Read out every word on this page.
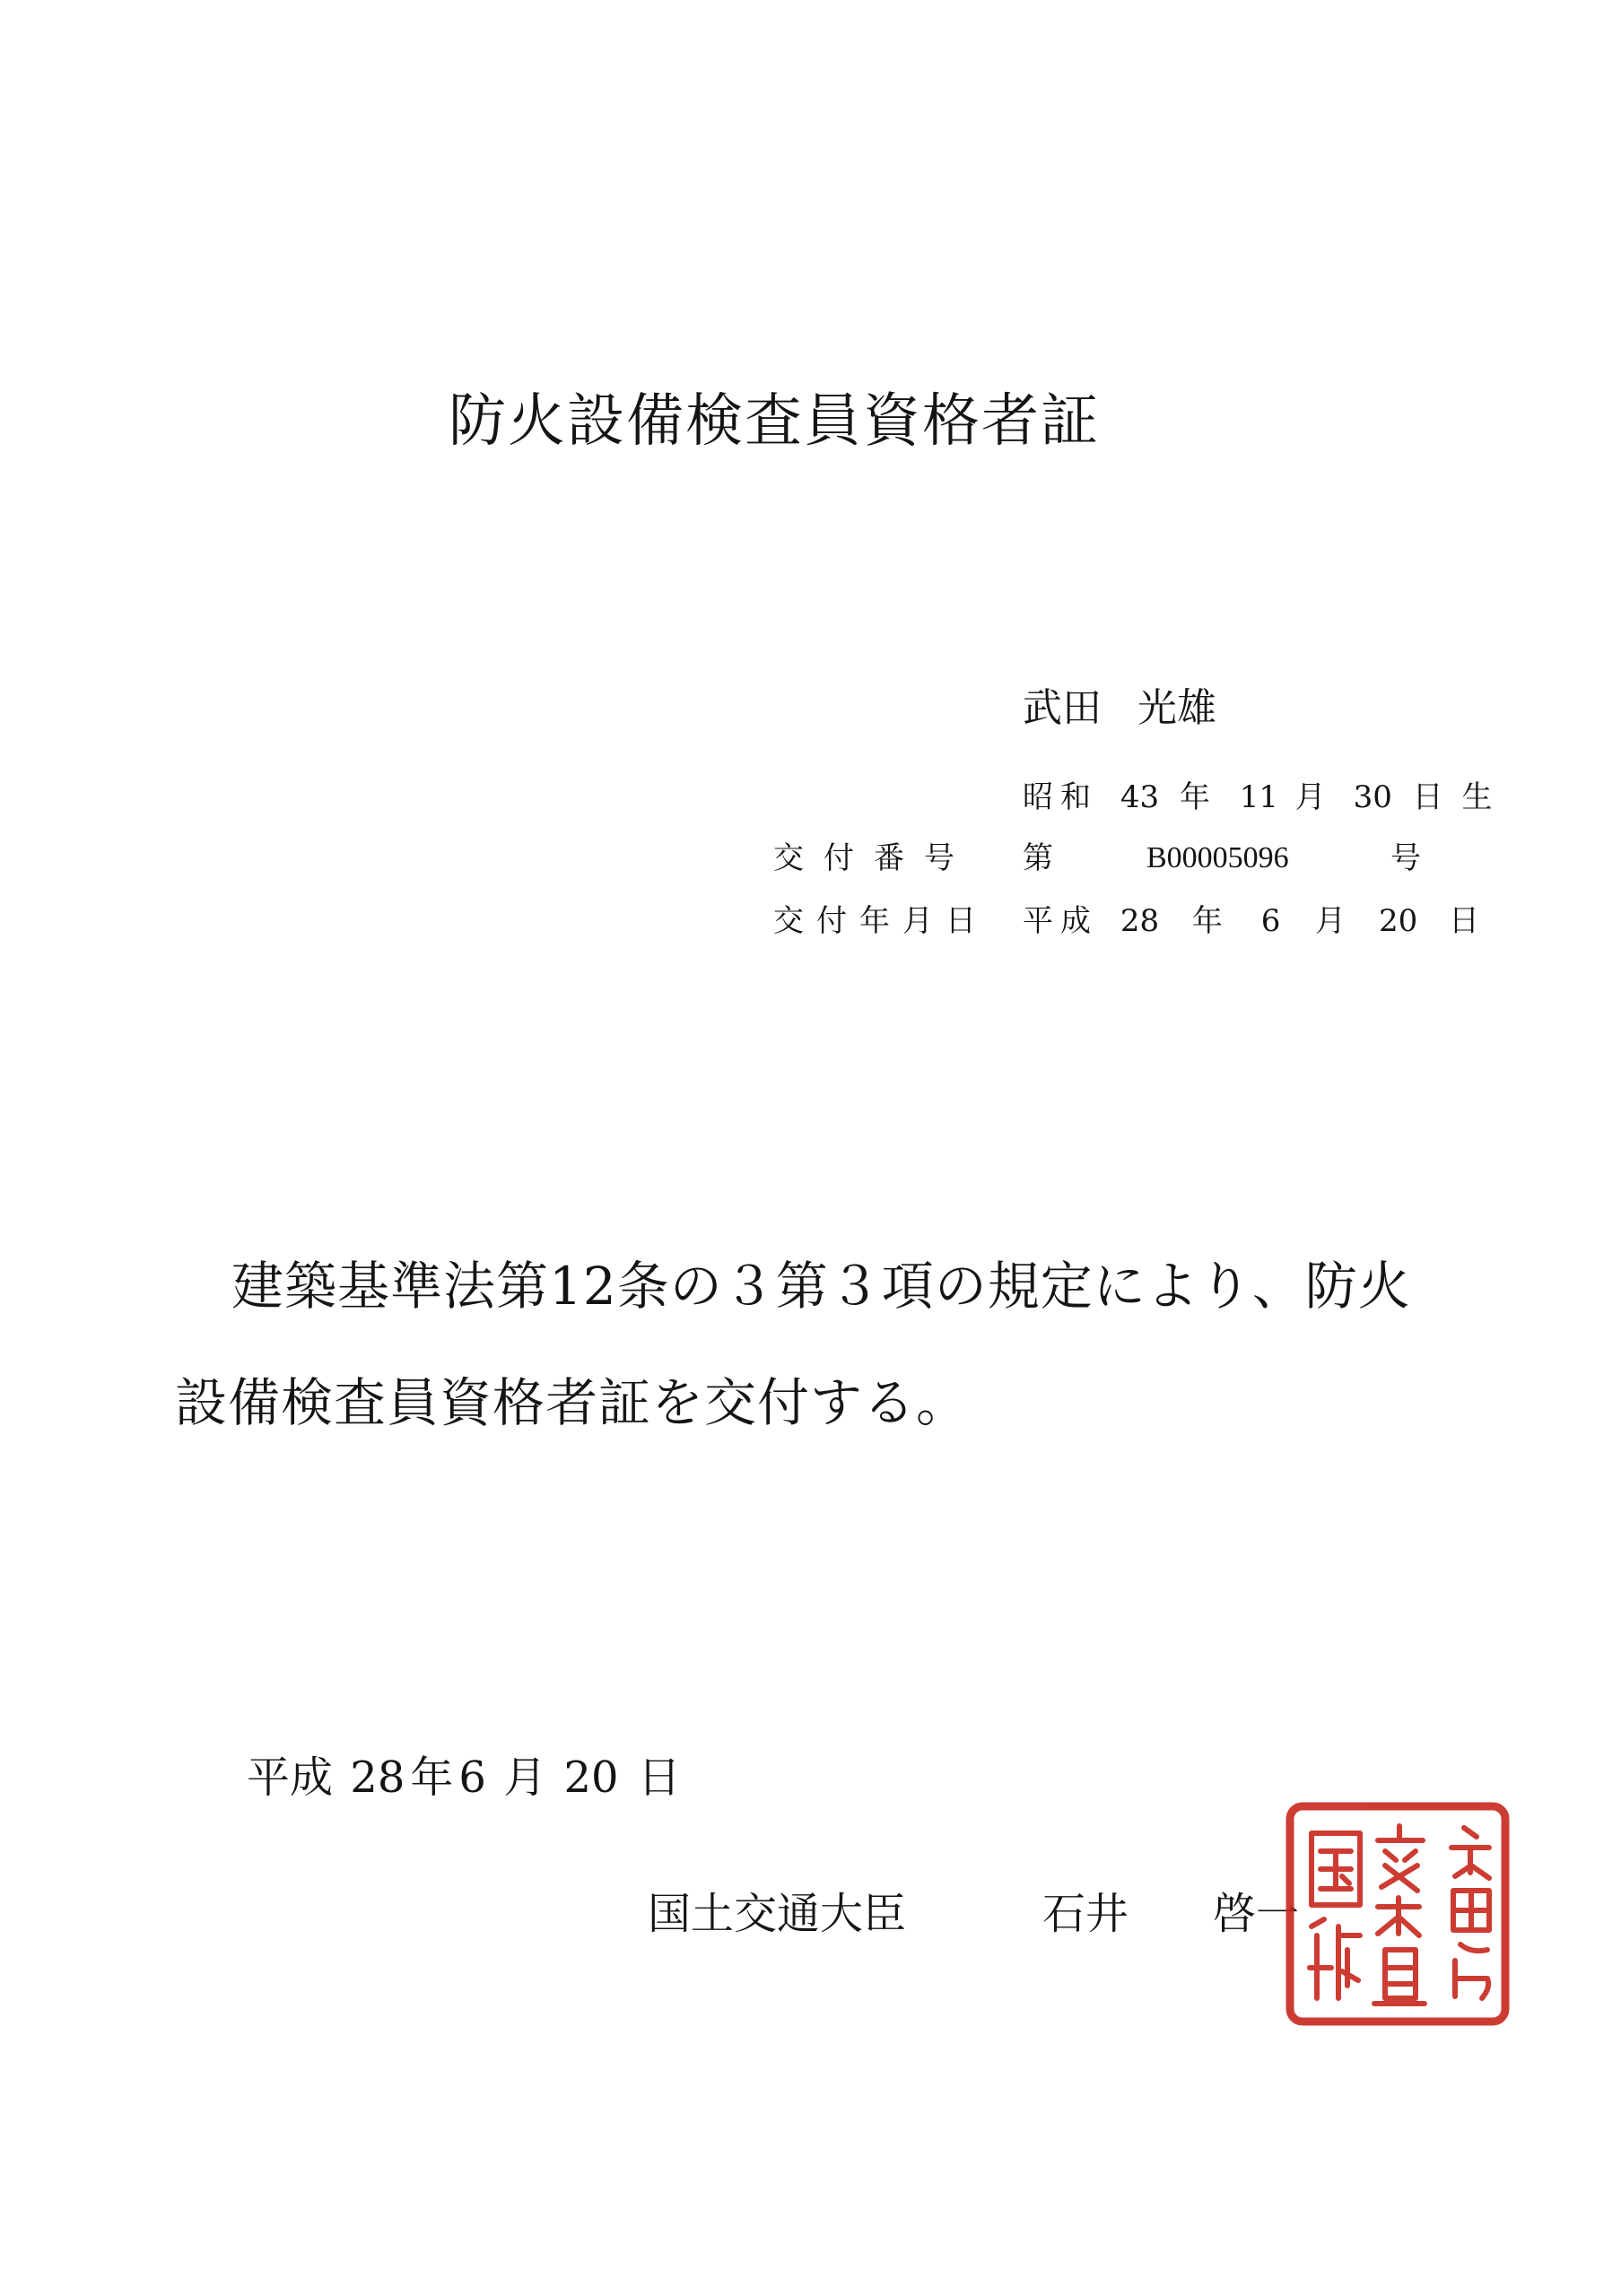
防火設備検査員資格者証
武田 光雄
昭和 43 年 11 月 30 日 生
交付番号 第	B00005096	号
交付年月日 平成 28 年 6 月 20 日
建築基準法第12条の３第３項の規定により、防火
設備検査員資格者証を交付する。
平成 28 年 6 月 20 日
国土交通大臣	石井 啓一
